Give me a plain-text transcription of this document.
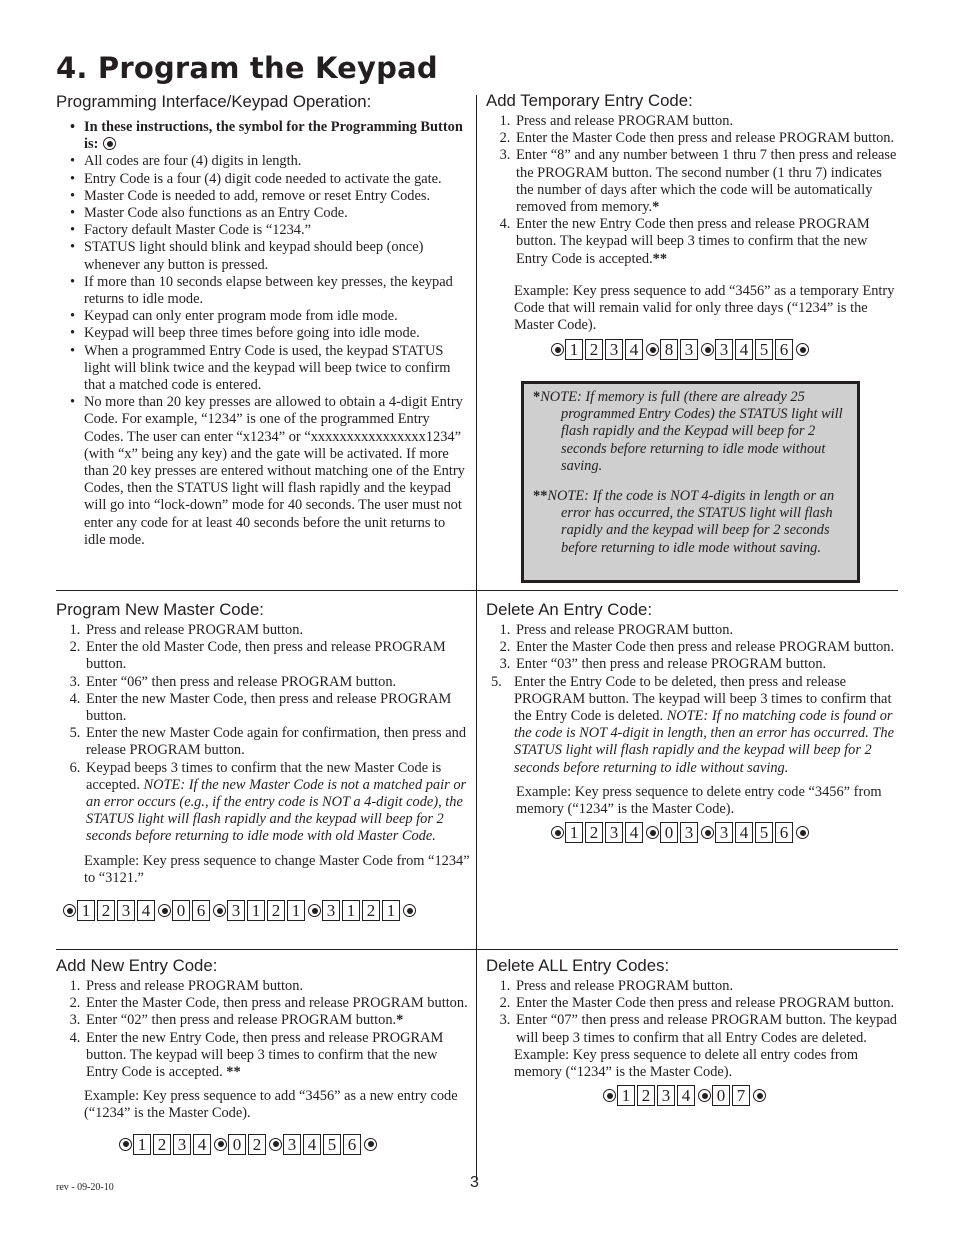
4. Program the Keypad
Programming Interface/Keypad Operation:
• In these instructions, the symbol for the Programming Button is:
• All codes are four (4) digits in length.
• Entry Code is a four (4) digit code needed to activate the gate.
• Master Code is needed to add, remove or reset Entry Codes.
• Master Code also functions as an Entry Code.
• Factory default Master Code is “1234.”
• STATUS light should blink and keypad should beep (once) whenever any button is pressed.
• If more than 10 seconds elapse between key presses, the keypad returns to idle mode.
• Keypad can only enter program mode from idle mode.
• Keypad will beep three times before going into idle mode.
• When a programmed Entry Code is used, the keypad STATUS light will blink twice and the keypad will beep twice to confirm that a matched code is entered.
• No more than 20 key presses are allowed to obtain a 4-digit Entry Code. For example, “1234” is one of the programmed Entry Codes. The user can enter “x1234” or “xxxxxxxxxxxxxxxx1234” (with “x” being any key) and the gate will be activated. If more than 20 key presses are entered without matching one of the Entry Codes, then the STATUS light will flash rapidly and the keypad will go into “lock-down” mode for 40 seconds. The user must not enter any code for at least 40 seconds before the unit returns to idle mode.
Add Temporary Entry Code:
1. Press and release PROGRAM button.
2. Enter the Master Code then press and release PROGRAM button.
3. Enter “8” and any number between 1 thru 7 then press and release the PROGRAM button. The second number (1 thru 7) indicates the number of days after which the code will be automatically removed from memory.*
4. Enter the new Entry Code then press and release PROGRAM button. The keypad will beep 3 times to confirm that the new Entry Code is accepted.**

Example: Key press sequence to add “3456” as a temporary Entry Code that will remain valid for only three days (“1234” is the Master Code).

1 2 3 4 8 3 3 4 5 6

*NOTE: If memory is full (there are already 25 programmed Entry Codes) the STATUS light will flash rapidly and the Keypad will beep for 2 seconds before returning to idle mode without saving.

**NOTE: If the code is NOT 4-digits in length or an error has occurred, the STATUS light will flash rapidly and the keypad will beep for 2 seconds before returning to idle mode without saving.

Program New Master Code:
1. Press and release PROGRAM button.
2. Enter the old Master Code, then press and release PROGRAM button.
3. Enter “06” then press and release PROGRAM button.
4. Enter the new Master Code, then press and release PROGRAM button.
5. Enter the new Master Code again for confirmation, then press and release PROGRAM button.
6. Keypad beeps 3 times to confirm that the new Master Code is accepted. NOTE: If the new Master Code is not a matched pair or an error occurs (e.g., if the entry code is NOT a 4-digit code), the STATUS light will flash rapidly and the keypad will beep for 2 seconds before returning to idle mode with old Master Code.

Example: Key press sequence to change Master Code from “1234” to “3121.”

1 2 3 4 0 6 3 1 2 1 3 1 2 1
Delete An Entry Code:
1. Press and release PROGRAM button.
2. Enter the Master Code then press and release PROGRAM button.
3. Enter “03” then press and release PROGRAM button.
5. Enter the Entry Code to be deleted, then press and release PROGRAM button. The keypad will beep 3 times to confirm that the Entry Code is deleted. NOTE: If no matching code is found or the code is NOT 4-digit in length, then an error has occurred. The STATUS light will flash rapidly and the keypad will beep for 2 seconds before returning to idle without saving.

Example: Key press sequence to delete entry code “3456” from memory (“1234” is the Master Code).

1 2 3 4 0 3 3 4 5 6
Add New Entry Code:
1. Press and release PROGRAM button.
2. Enter the Master Code, then press and release PROGRAM button.
3. Enter “02” then press and release PROGRAM button.*
4. Enter the new Entry Code, then press and release PROGRAM button. The keypad will beep 3 times to confirm that the new Entry Code is accepted. **

Example: Key press sequence to add “3456” as a new entry code (“1234” is the Master Code).

1 2 3 4 0 2 3 4 5 6
Delete ALL Entry Codes:
1. Press and release PROGRAM button.
2. Enter the Master Code then press and release PROGRAM button.
3. Enter “07” then press and release PROGRAM button. The keypad will beep 3 times to confirm that all Entry Codes are deleted.

Example: Key press sequence to delete all entry codes from memory (“1234” is the Master Code).

1 2 3 4 0 7
rev - 09-20-10	3
